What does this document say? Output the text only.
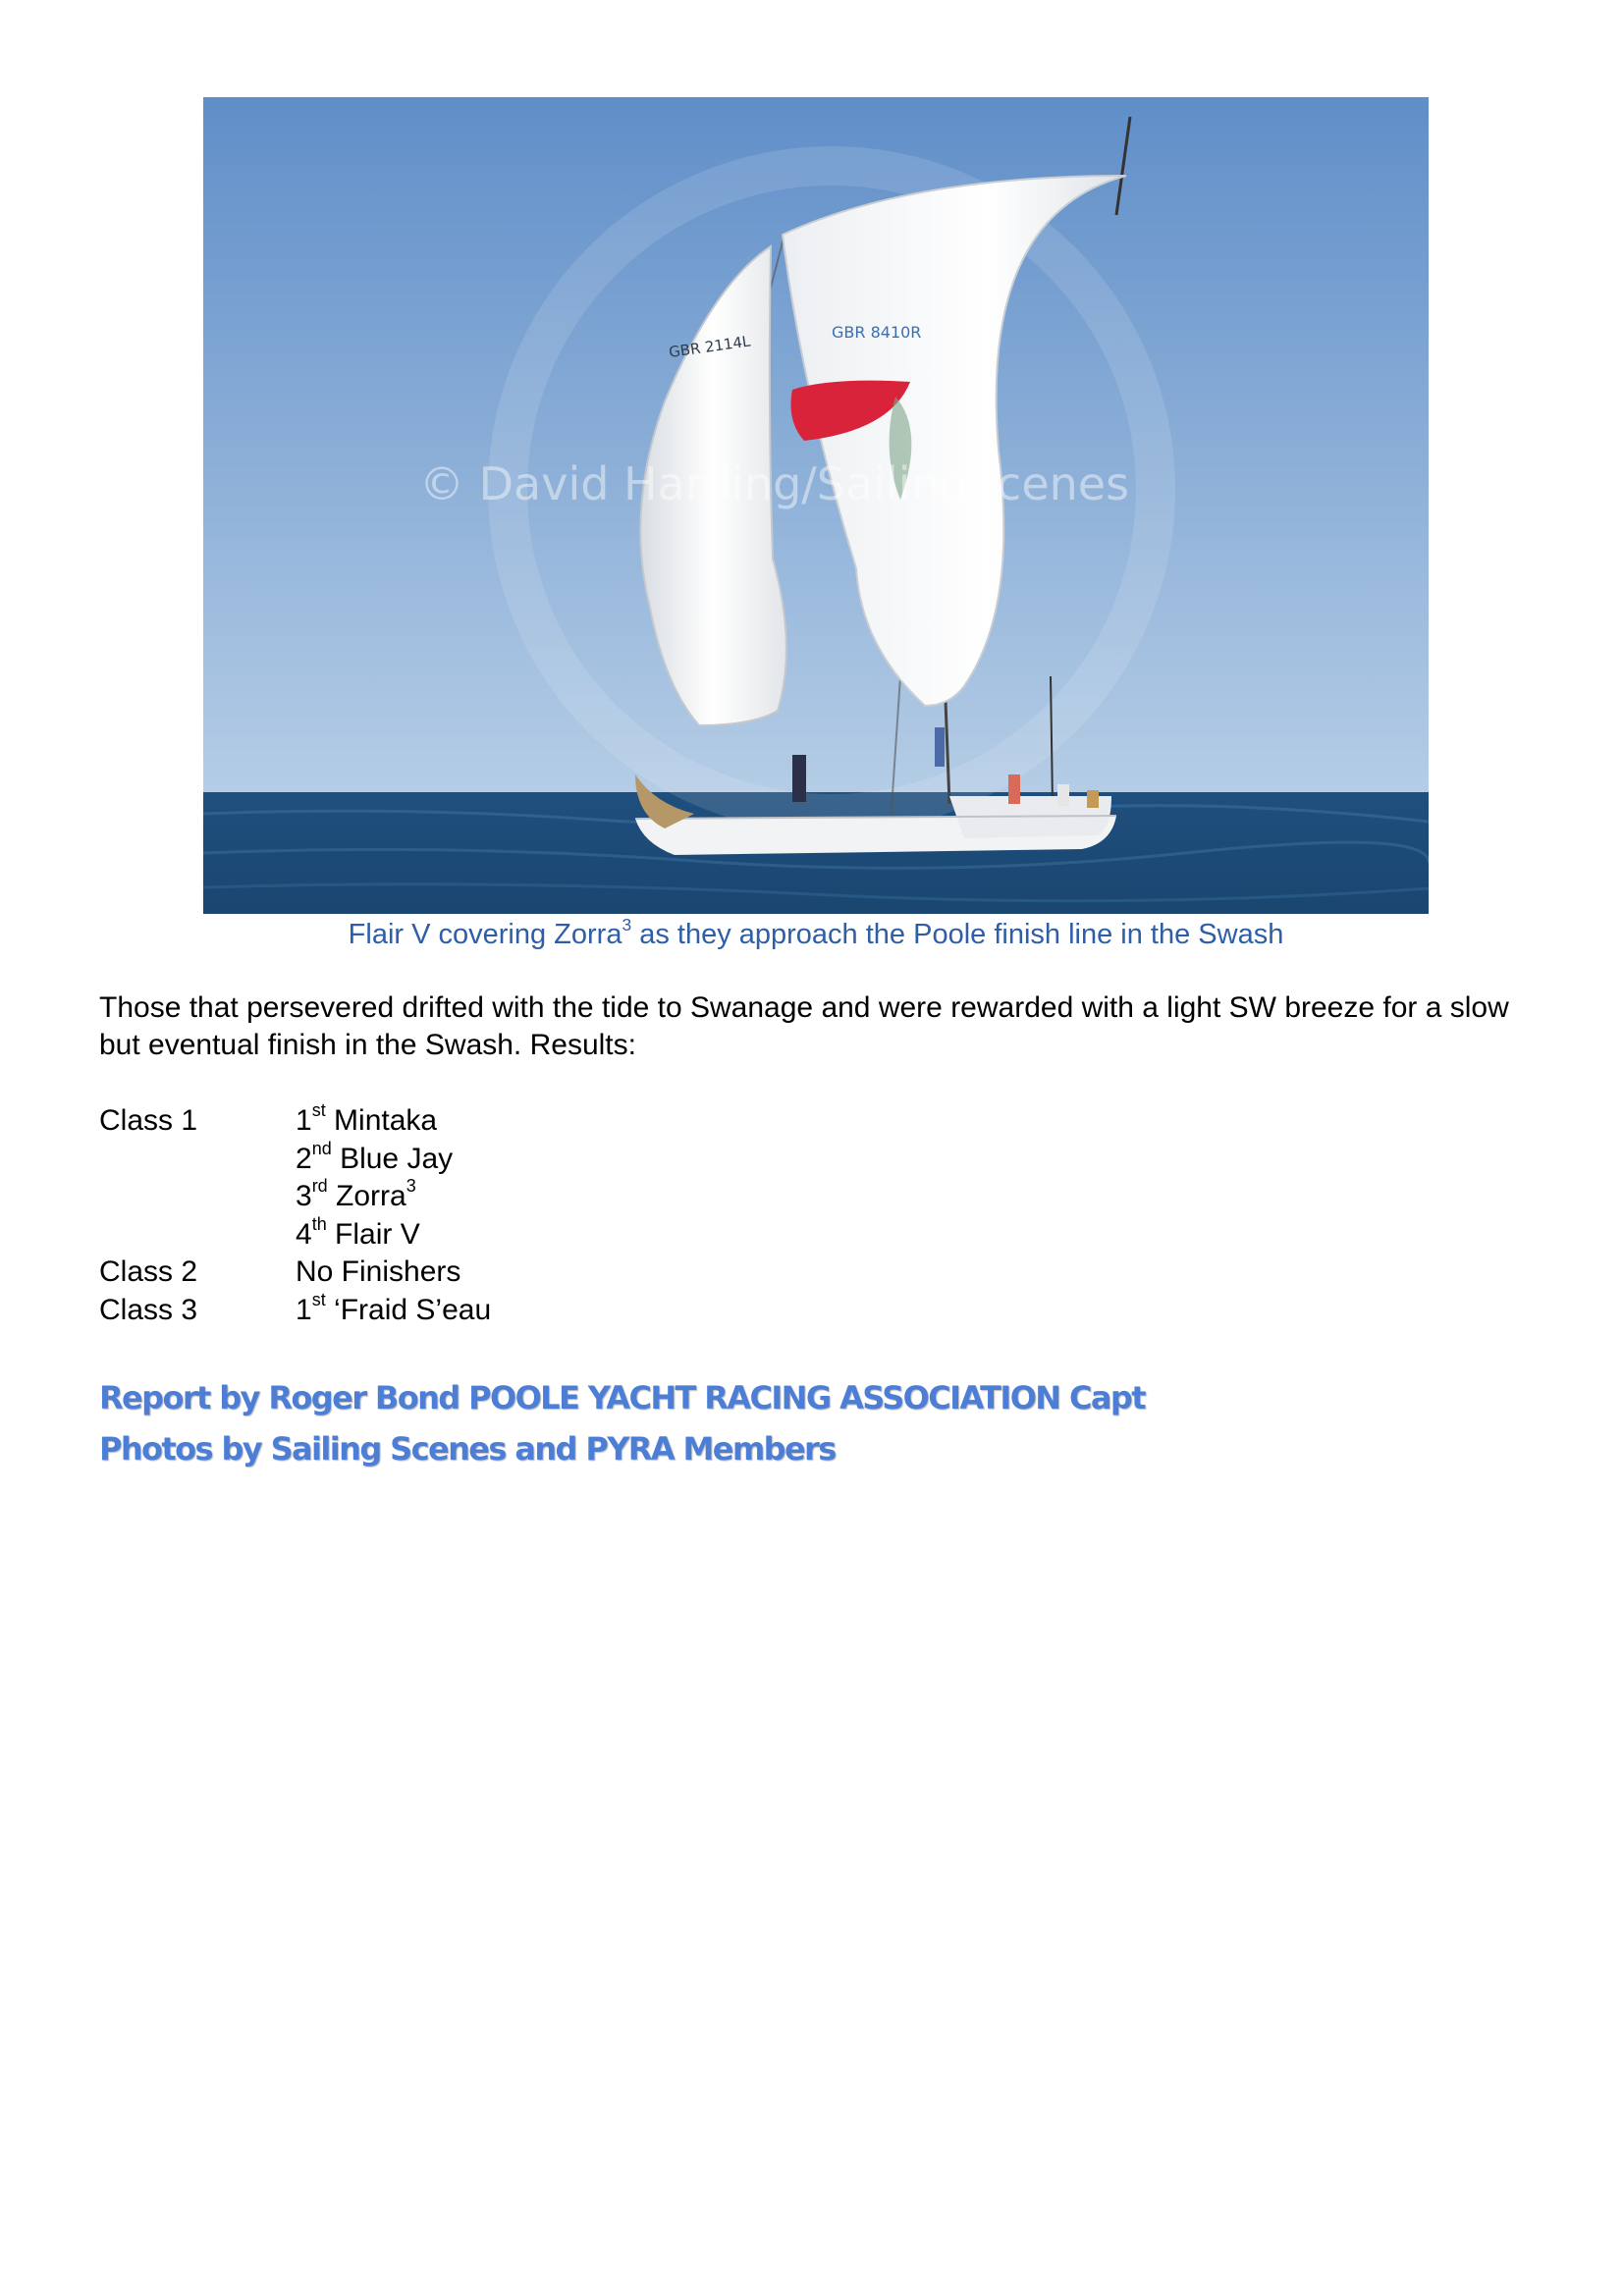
GBR 8410R
GBR 2114L
© David Harding/SailingScenes
Flair V covering Zorra$^3$ as they approach the Poole finish line in the Swash
Those that persevered drifted with the tide to Swanage and were rewarded with a light SW breeze for a slow but eventual finish in the Swash. Results:
Class 1	1st Mintaka
2nd Blue Jay
3rd Zorra$^3$
4th Flair V
Class 2	No Finishers
Class 3	1st ‘Fraid S’eau
Report by Roger Bond POOLE YACHT RACING ASSOCIATION Capt
Photos by Sailing Scenes and PYRA Members
